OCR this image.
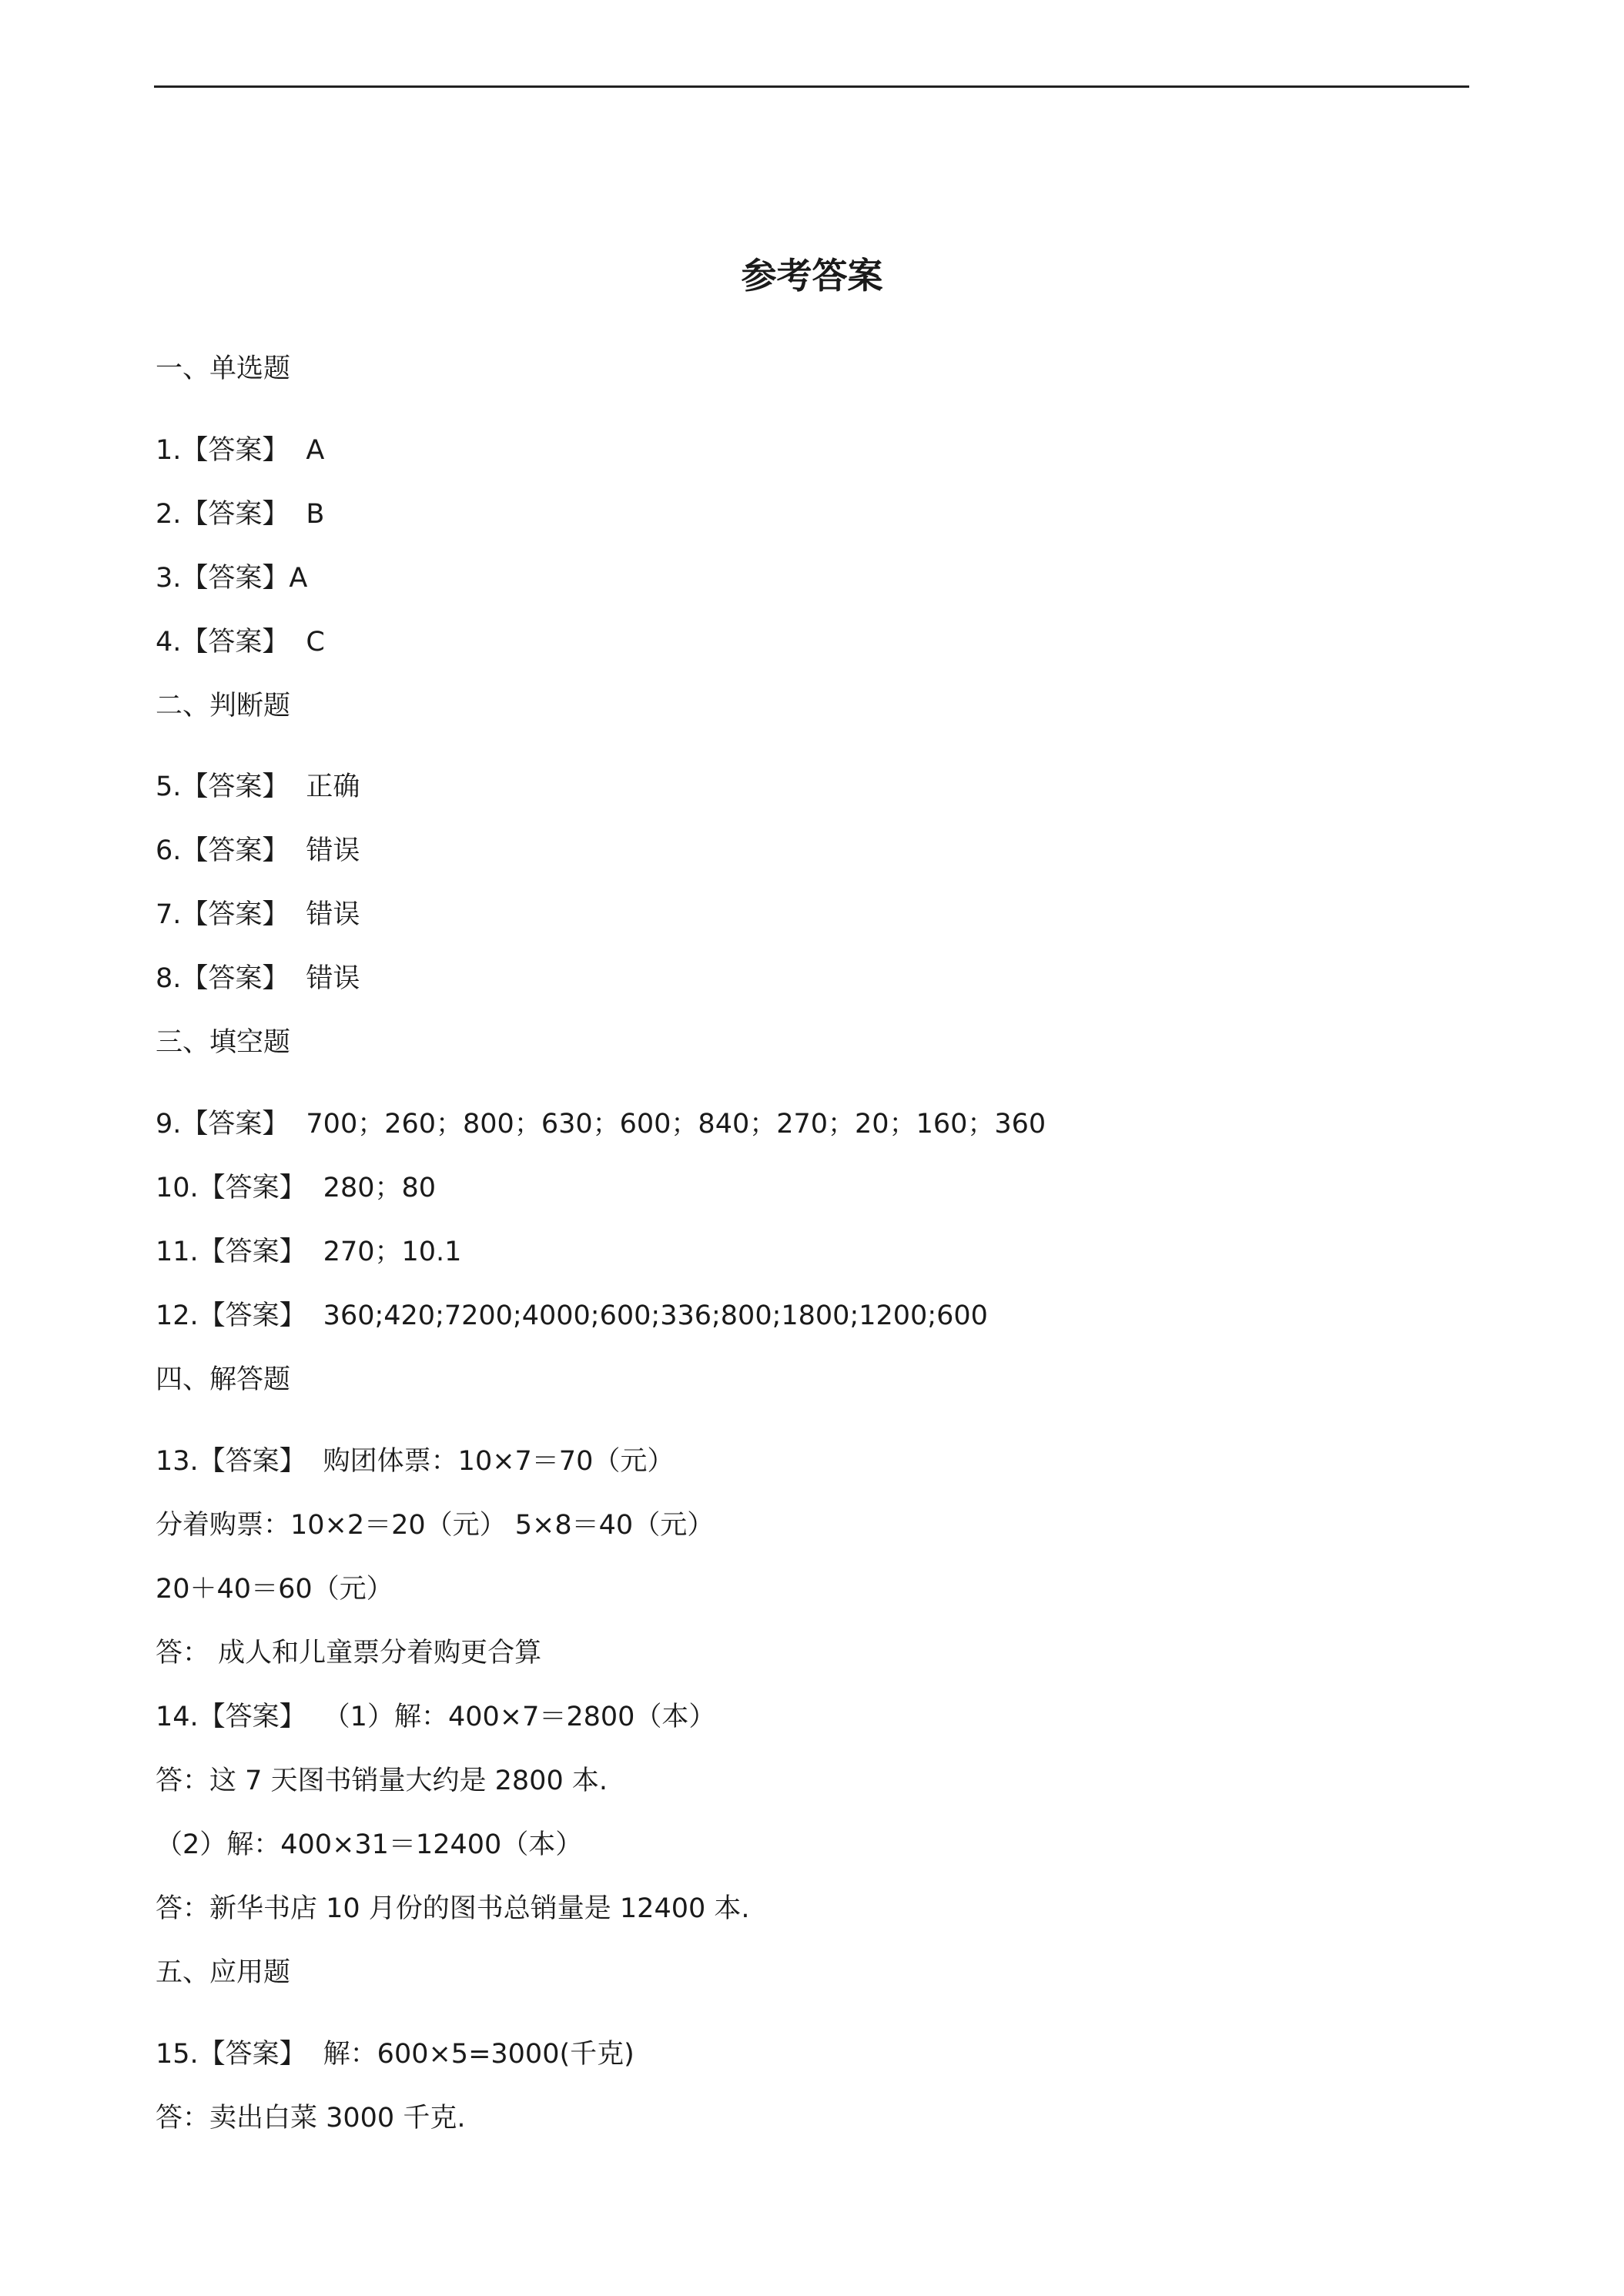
参考答案
一、单选题
1.【答案】 A
2.【答案】 B
3.【答案】A
4.【答案】 C
二、判断题
5.【答案】 正确
6.【答案】 错误
7.【答案】 错误
8.【答案】 错误
三、填空题
9.【答案】 700；260；800；630；600；840；270；20；160；360
10.【答案】 280；80
11.【答案】 270；10.1
12.【答案】 360;420;7200;4000;600;336;800;1800;1200;600
四、解答题
13.【答案】 购团体票：10×7＝70（元）
分着购票：10×2＝20（元） 5×8＝40（元）
20＋40＝60（元）
答： 成人和儿童票分着购更合算
14.【答案】 （1）解：400×7＝2800（本）
答：这 7 天图书销量大约是 2800 本.
（2）解：400×31＝12400（本）
答：新华书店 10 月份的图书总销量是 12400 本.
五、应用题
15.【答案】 解：600×5=3000(千克)
答：卖出白菜 3000 千克.
